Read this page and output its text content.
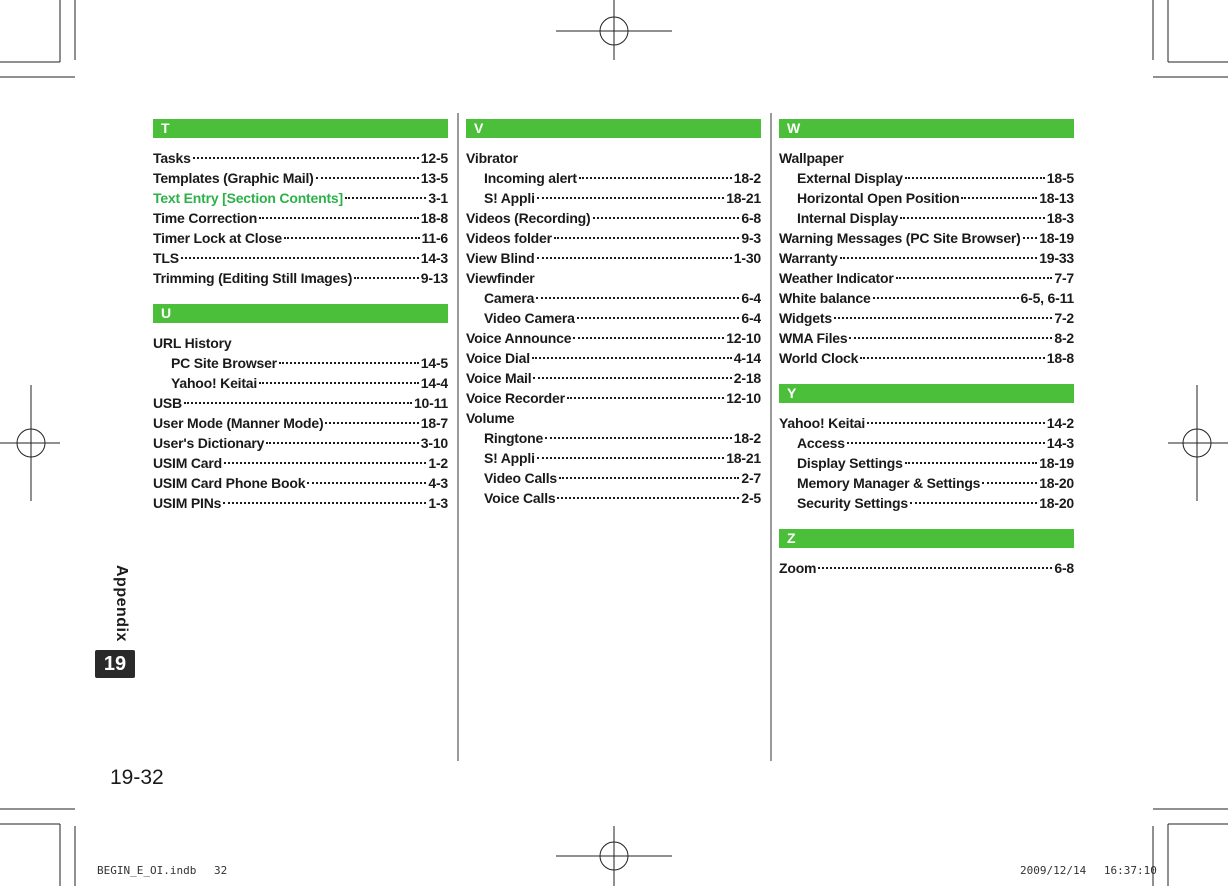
T
Tasks	12-5
Templates (Graphic Mail)	13-5
Text Entry [Section Contents]	3-1
Time Correction	18-8
Timer Lock at Close	11-6
TLS	14-3
Trimming (Editing Still Images)	9-13
U
URL History
PC Site Browser	14-5
Yahoo! Keitai	14-4
USB	10-11
User Mode (Manner Mode)	18-7
User's Dictionary	3-10
USIM Card	1-2
USIM Card Phone Book	4-3
USIM PINs	1-3
V
Vibrator
Incoming alert	18-2
S! Appli	18-21
Videos (Recording)	6-8
Videos folder	9-3
View Blind	1-30
Viewfinder
Camera	6-4
Video Camera	6-4
Voice Announce	12-10
Voice Dial	4-14
Voice Mail	2-18
Voice Recorder	12-10
Volume
Ringtone	18-2
S! Appli	18-21
Video Calls	2-7
Voice Calls	2-5
W
Wallpaper
External Display	18-5
Horizontal Open Position	18-13
Internal Display	18-3
Warning Messages (PC Site Browser) 18-19
Warranty	19-33
Weather Indicator	7-7
White balance	6-5, 6-11
Widgets	7-2
WMA Files	8-2
World Clock	18-8
Y
Yahoo! Keitai	14-2
Access	14-3
Display Settings	18-19
Memory Manager & Settings	18-20
Security Settings	18-20
Z
Zoom	6-8
Appendix
19
19-32
BEGIN_E_OI.indb　 32	2009/12/14　 16:37:10
